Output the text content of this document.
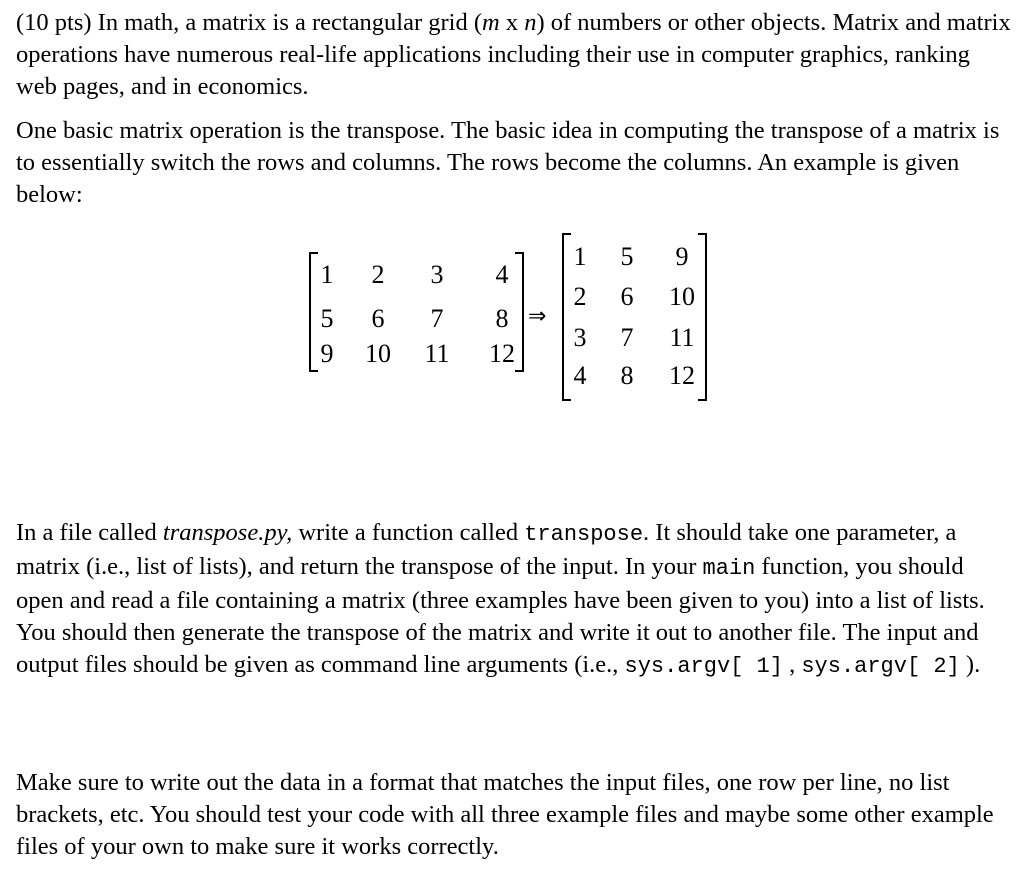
(10 pts) In math, a matrix is a rectangular grid (m x n) of numbers or other objects. Matrix and matrix operations have numerous real-life applications including their use in computer graphics, ranking web pages, and in economics.

One basic matrix operation is the transpose. The basic idea in computing the transpose of a matrix is to essentially switch the rows and columns. The rows become the columns. An example is given below:

1	2	3	4
5	6	7	8
9	10	11	12
⇒
1	5	9
2	6	10
3	7	11
4	8	12

In a file called transpose.py, write a function called transpose. It should take one parameter, a matrix (i.e., list of lists), and return the transpose of the input. In your main function, you should open and read a file containing a matrix (three examples have been given to you) into a list of lists. You should then generate the transpose of the matrix and write it out to another file. The input and output files should be given as command line arguments (i.e., sys.argv[ 1] , sys.argv[ 2] ).

Make sure to write out the data in a format that matches the input files, one row per line, no list brackets, etc. You should test your code with all three example files and maybe some other example files of your own to make sure it works correctly.
